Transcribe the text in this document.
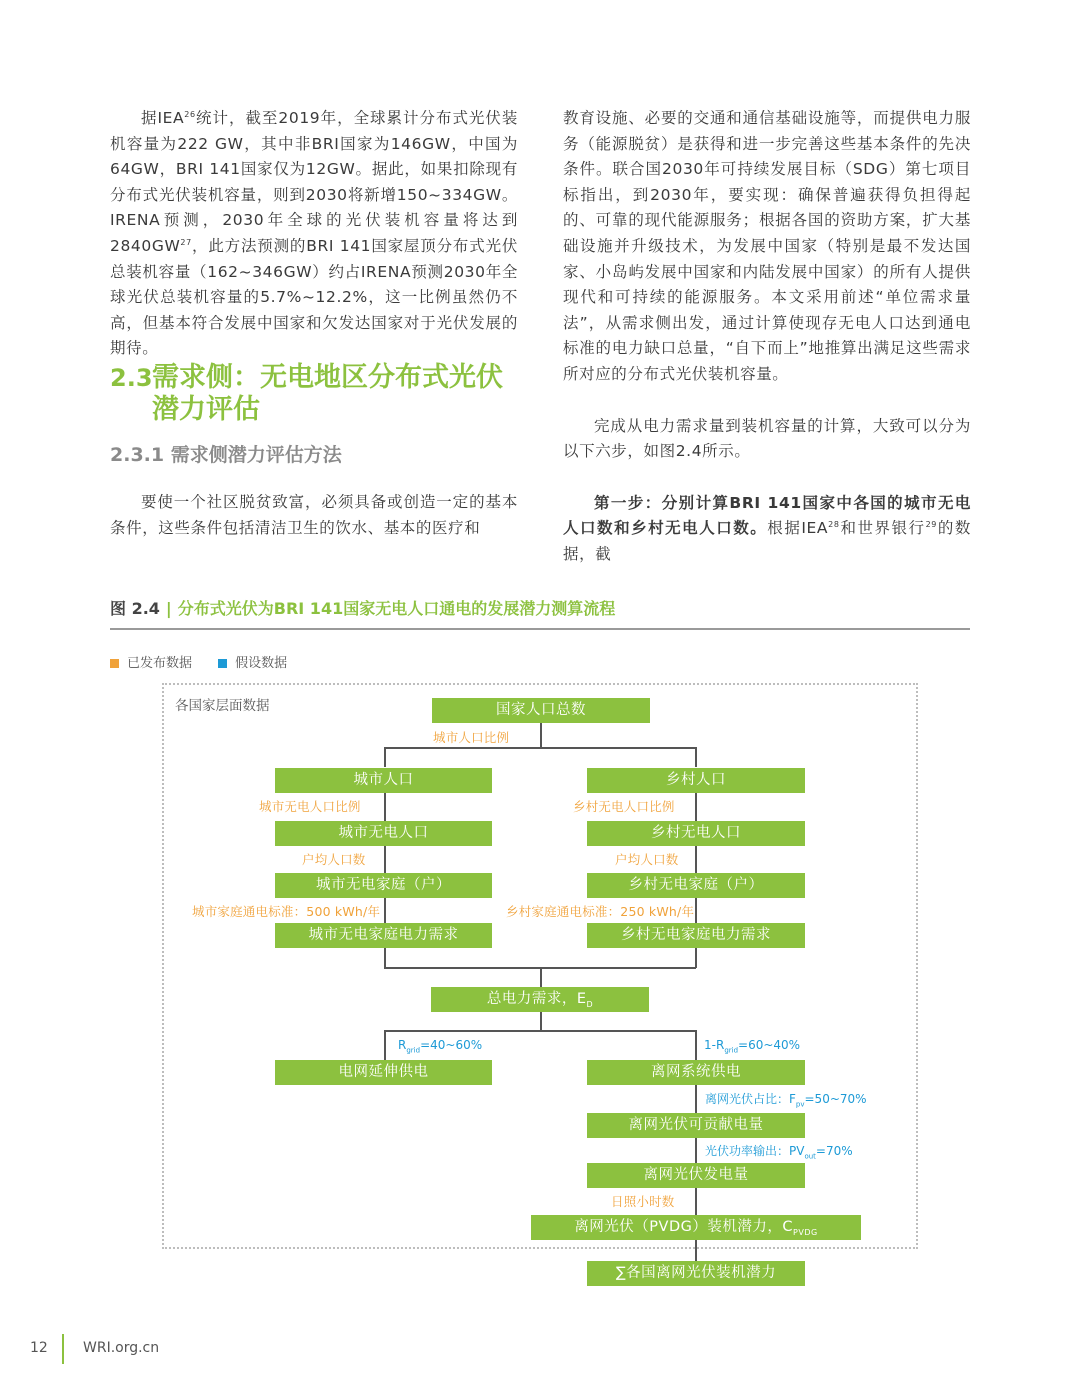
据IEA$^{26}$统计，截至2019年，全球累计分布式光伏装机容量为222 GW，其中非BRI国家为146GW，中国为64GW，BRI 141国家仅为12GW。据此，如果扣除现有分布式光伏装机容量，则到2030将新增150~334GW。IRENA预测，2030年全球的光伏装机容量将达到2840GW$^{27}$，此方法预测的BRI 141国家屋顶分布式光伏总装机容量（162~346GW）约占IRENA预测2030年全球光伏总装机容量的5.7%~12.2%，这一比例虽然仍不高，但基本符合发展中国家和欠发达国家对于光伏发展的期待。

2.3需求侧：无电地区分布式光伏
潜力评估
2.3.1 需求侧潜力评估方法

要使一个社区脱贫致富，必须具备或创造一定的基本条件，这些条件包括清洁卫生的饮水、基本的医疗和

教育设施、必要的交通和通信基础设施等，而提供电力服务（能源脱贫）是获得和进一步完善这些基本条件的先决条件。联合国2030年可持续发展目标（SDG）第七项目标指出，到2030年，要实现：确保普遍获得负担得起的、可靠的现代能源服务；根据各国的资助方案，扩大基础设施并升级技术，为发展中国家（特别是最不发达国家、小岛屿发展中国家和内陆发展中国家）的所有人提供现代和可持续的能源服务。本文采用前述“单位需求量法”，从需求侧出发，通过计算使现存无电人口达到通电标准的电力缺口总量，“自下而上”地推算出满足这些需求所对应的分布式光伏装机容量。

完成从电力需求量到装机容量的计算，大致可以分为以下六步，如图2.4所示。

第一步：分别计算BRI 141国家中各国的城市无电人口数和乡村无电人口数。根据IEA$^{28}$和世界银行$^{29}$的数据，截

图 2.4 | 分布式光伏为BRI 141国家无电人口通电的发展潜力测算流程
已发布数据	假设数据
各国家层面数据	国家人口总数
城市人口	乡村人口
城市无电人口	乡村无电人口
城市无电家庭（户）	乡村无电家庭（户）
城市无电家庭电力需求	乡村无电家庭电力需求
总电力需求，$E_D$
电网延伸供电	离网系统供电
离网光伏可贡献电量
离网光伏发电量
离网光伏（PVDG）装机潜力，$C_{PVDG}$
∑各国离网光伏装机潜力
城市人口比例
城市无电人口比例	乡村无电人口比例
户均人口数	户均人口数
城市家庭通电标准：500 kWh/年	乡村家庭通电标准：250 kWh/年
日照小时数
$R_{grid}=40\sim 60\%$	$1-R_{grid}=60\sim 40\%$
离网光伏占比：$F_{pv}=50\sim 70\%$
光伏功率输出：$PV_{out}=70\%$
12	WRI.org.cn
